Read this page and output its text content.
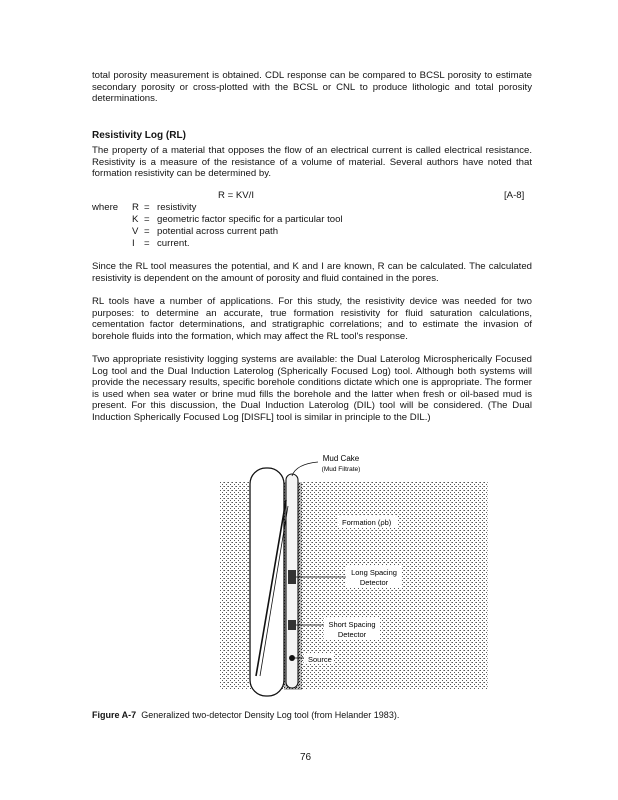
total porosity measurement is obtained. CDL response can be compared to BCSL porosity to estimate secondary porosity or cross-plotted with the BCSL or CNL to produce lithologic and total porosity determinations.

Resistivity Log (RL)

The property of a material that opposes the flow of an electrical current is called electrical resistance. Resistivity is a measure of the resistance of a volume of material. Several authors have noted that formation resistivity can be determined by.

R = KV/I	[A-8]
where R = resistivity
K = geometric factor specific for a particular tool
V = potential across current path
I = current.

Since the RL tool measures the potential, and K and I are known, R can be calculated. The calculated resistivity is dependent on the amount of porosity and fluid contained in the pores.

RL tools have a number of applications. For this study, the resistivity device was needed for two purposes: to determine an accurate, true formation resistivity for fluid saturation calculations, cementation factor determinations, and stratigraphic correlations; and to estimate the invasion of borehole fluids into the formation, which may affect the RL tool's response.

Two appropriate resistivity logging systems are available: the Dual Laterolog Microspherically Focused Log tool and the Dual Induction Laterolog (Spherically Focused Log) tool. Although both systems will provide the necessary results, specific borehole conditions dictate which one is appropriate. The former is used when sea water or brine mud fills the borehole and the latter when fresh or oil-based mud is present. For this discussion, the Dual Induction Laterolog (DIL) tool will be considered. (The Dual Induction Spherically Focused Log [DISFL] tool is similar in principle to the DIL.)

Mud Cake
(Mud Filtrate)
Formation (ρb)
Long Spacing
Detector
Short Spacing
Detector
Source

Figure A-7 Generalized two-detector Density Log tool (from Helander 1983).

76
